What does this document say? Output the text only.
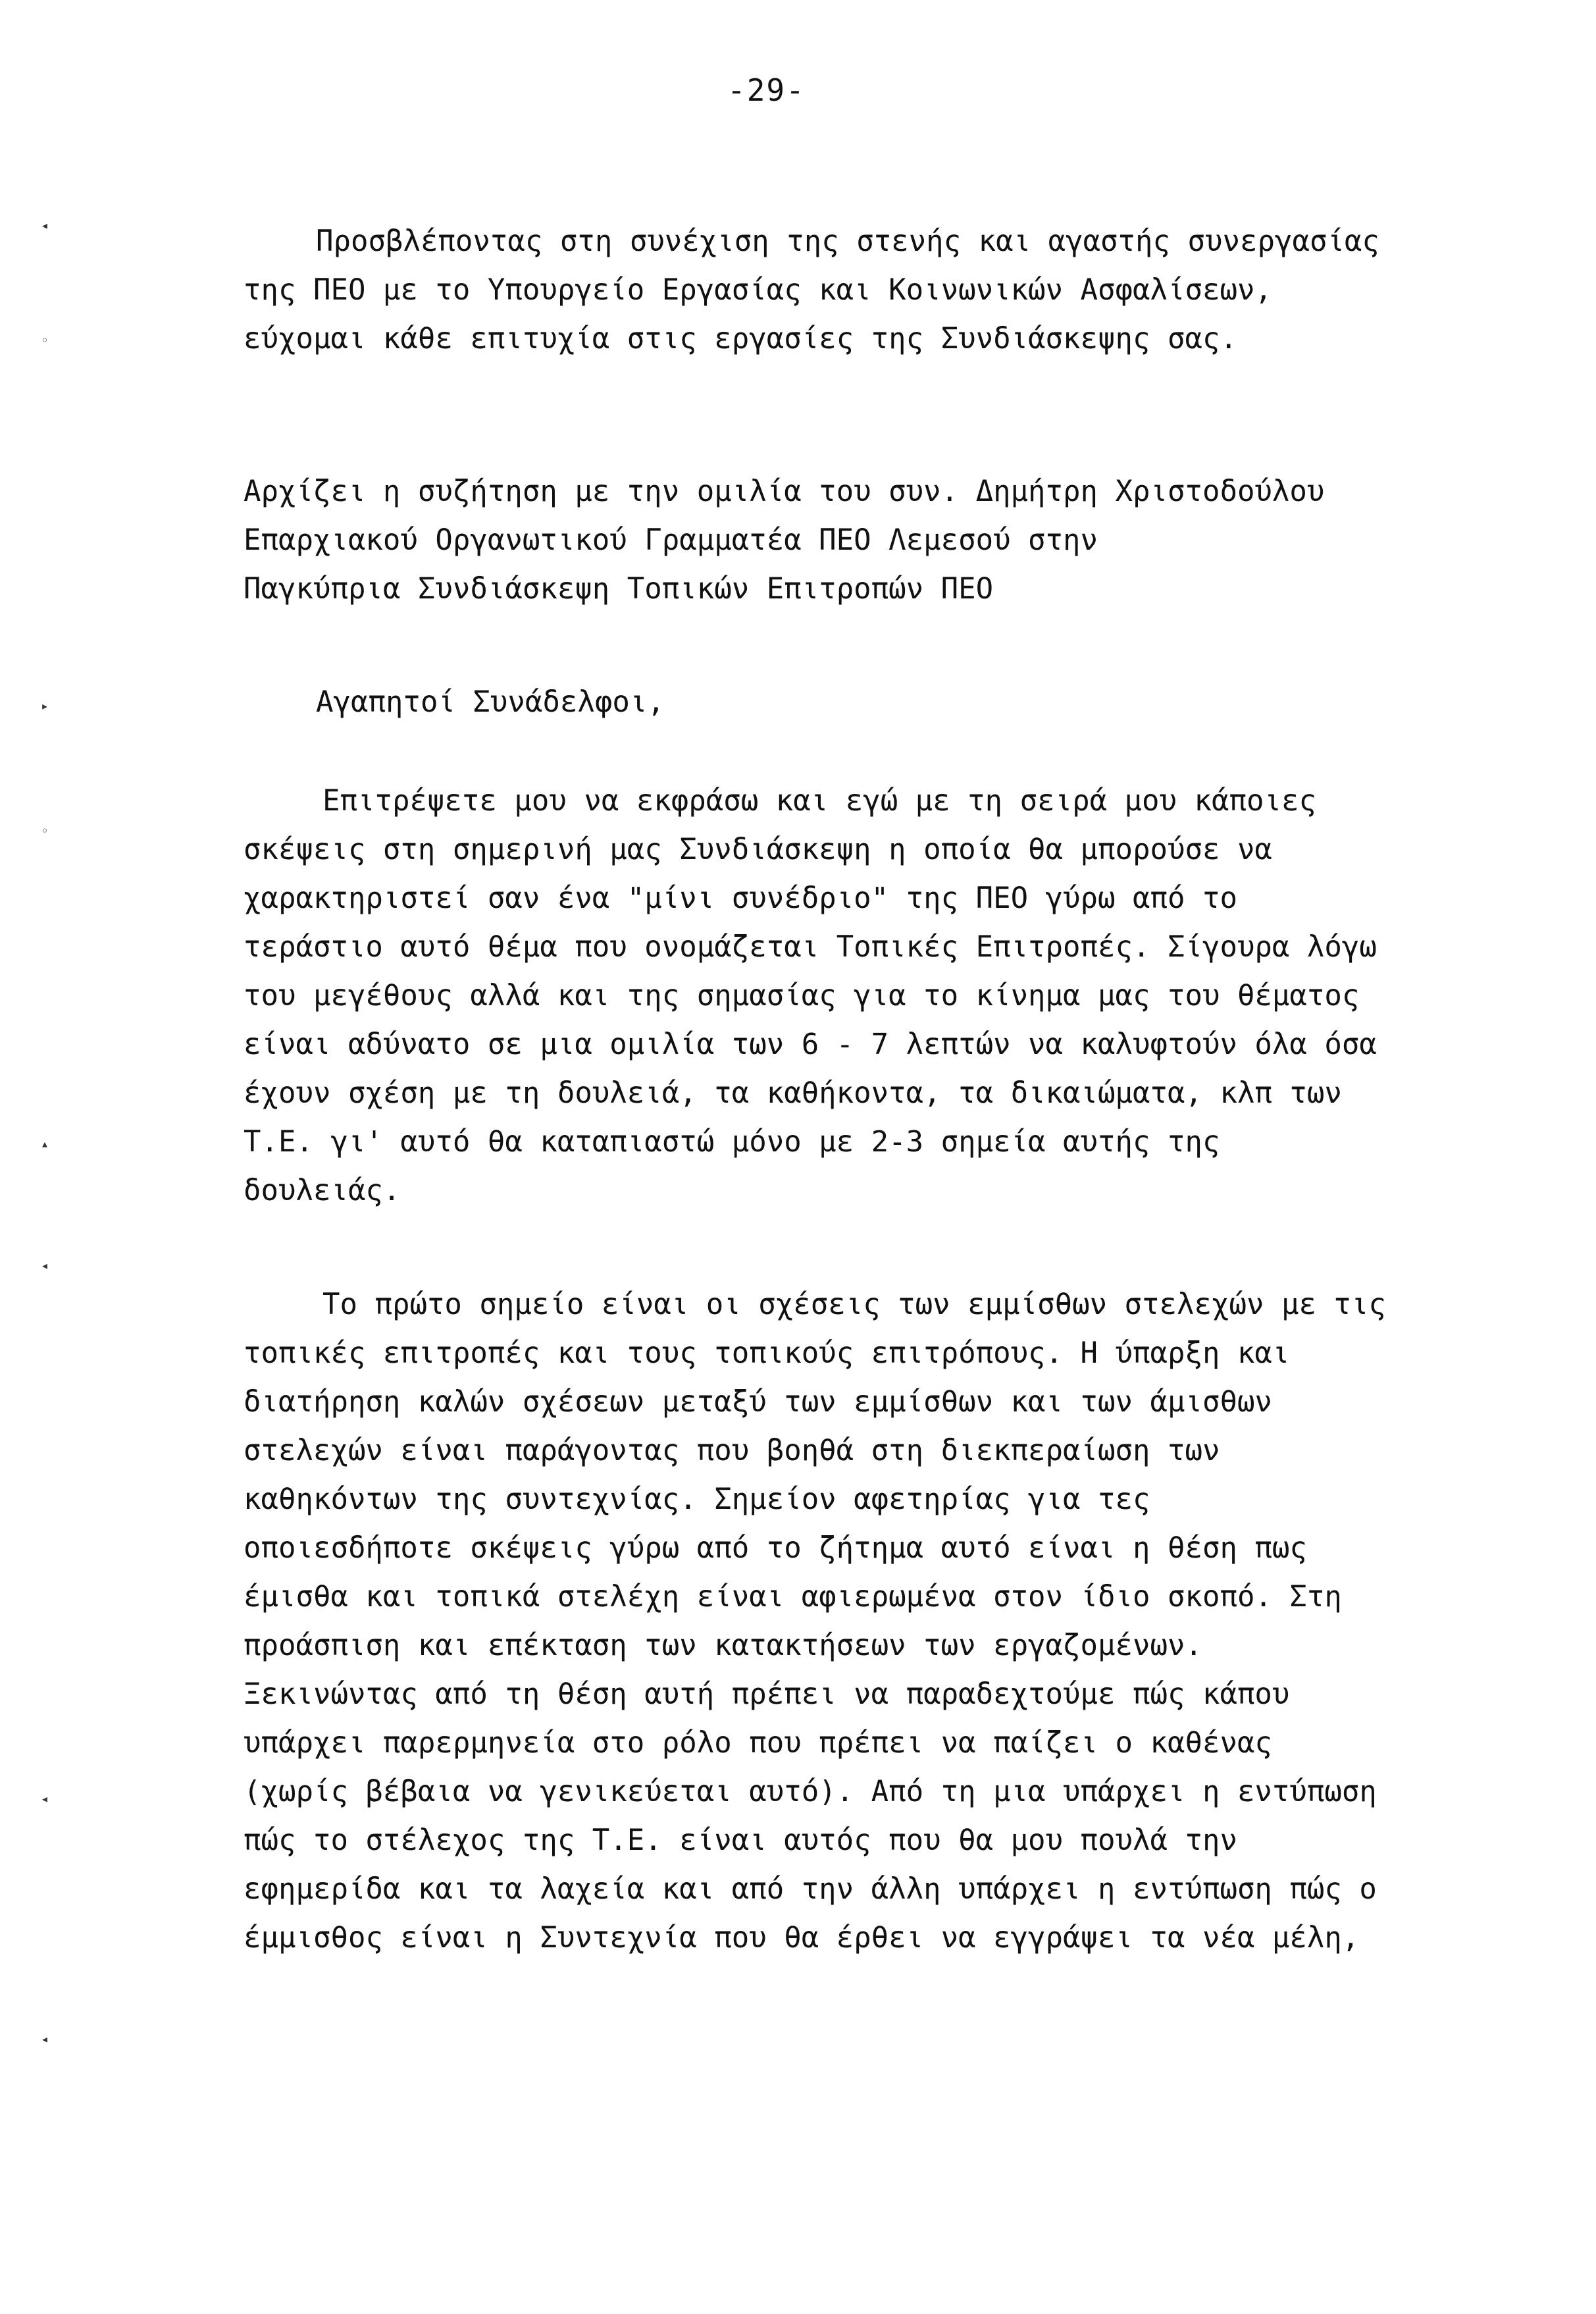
-29-
Προσβλέποντας στη συνέχιση της στενής και αγαστής συνεργασίας
της ΠΕΟ με το Υπουργείο Εργασίας και Κοινωνικών Ασφαλίσεων,
εύχομαι κάθε επιτυχία στις εργασίες της Συνδιάσκεψης σας.
Αρχίζει η συζήτηση με την ομιλία του συν. Δημήτρη Χριστοδούλου
Επαρχιακού Οργανωτικού Γραμματέα ΠΕΟ Λεμεσού στην
Παγκύπρια Συνδιάσκεψη Τοπικών Επιτροπών ΠΕΟ
Αγαπητοί Συνάδελφοι,
Επιτρέψετε μου να εκφράσω και εγώ με τη σειρά μου κάποιες
σκέψεις στη σημερινή μας Συνδιάσκεψη η οποία θα μπορούσε να
χαρακτηριστεί σαν ένα "μίνι συνέδριο" της ΠΕΟ γύρω από το
τεράστιο αυτό θέμα που ονομάζεται Τοπικές Επιτροπές. Σίγουρα λόγω
του μεγέθους αλλά και της σημασίας για το κίνημα μας του θέματος
είναι αδύνατο σε μια ομιλία των 6 - 7 λεπτών να καλυφτούν όλα όσα
έχουν σχέση με τη δουλειά, τα καθήκοντα, τα δικαιώματα, κλπ των
Τ.Ε. γι' αυτό θα καταπιαστώ μόνο με 2-3 σημεία αυτής της
δουλειάς.
Το πρώτο σημείο είναι οι σχέσεις των εμμίσθων στελεχών με τις
τοπικές επιτροπές και τους τοπικούς επιτρόπους. Η ύπαρξη και
διατήρηση καλών σχέσεων μεταξύ των εμμίσθων και των άμισθων
στελεχών είναι παράγοντας που βοηθά στη διεκπεραίωση των
καθηκόντων της συντεχνίας. Σημείον αφετηρίας για τες
οποιεσδήποτε σκέψεις γύρω από το ζήτημα αυτό είναι η θέση πως
έμισθα και τοπικά στελέχη είναι αφιερωμένα στον ίδιο σκοπό. Στη
προάσπιση και επέκταση των κατακτήσεων των εργαζομένων.
Ξεκινώντας από τη θέση αυτή πρέπει να παραδεχτούμε πώς κάπου
υπάρχει παρερμηνεία στο ρόλο που πρέπει να παίζει ο καθένας
(χωρίς βέβαια να γενικεύεται αυτό). Από τη μια υπάρχει η εντύπωση
πώς το στέλεχος της Τ.Ε. είναι αυτός που θα μου πουλά την
εφημερίδα και τα λαχεία και από την άλλη υπάρχει η εντύπωση πώς ο
έμμισθος είναι η Συντεχνία που θα έρθει να εγγράψει τα νέα μέλη,
◂
◦
▸
◦
▴
◂
◂
◂
